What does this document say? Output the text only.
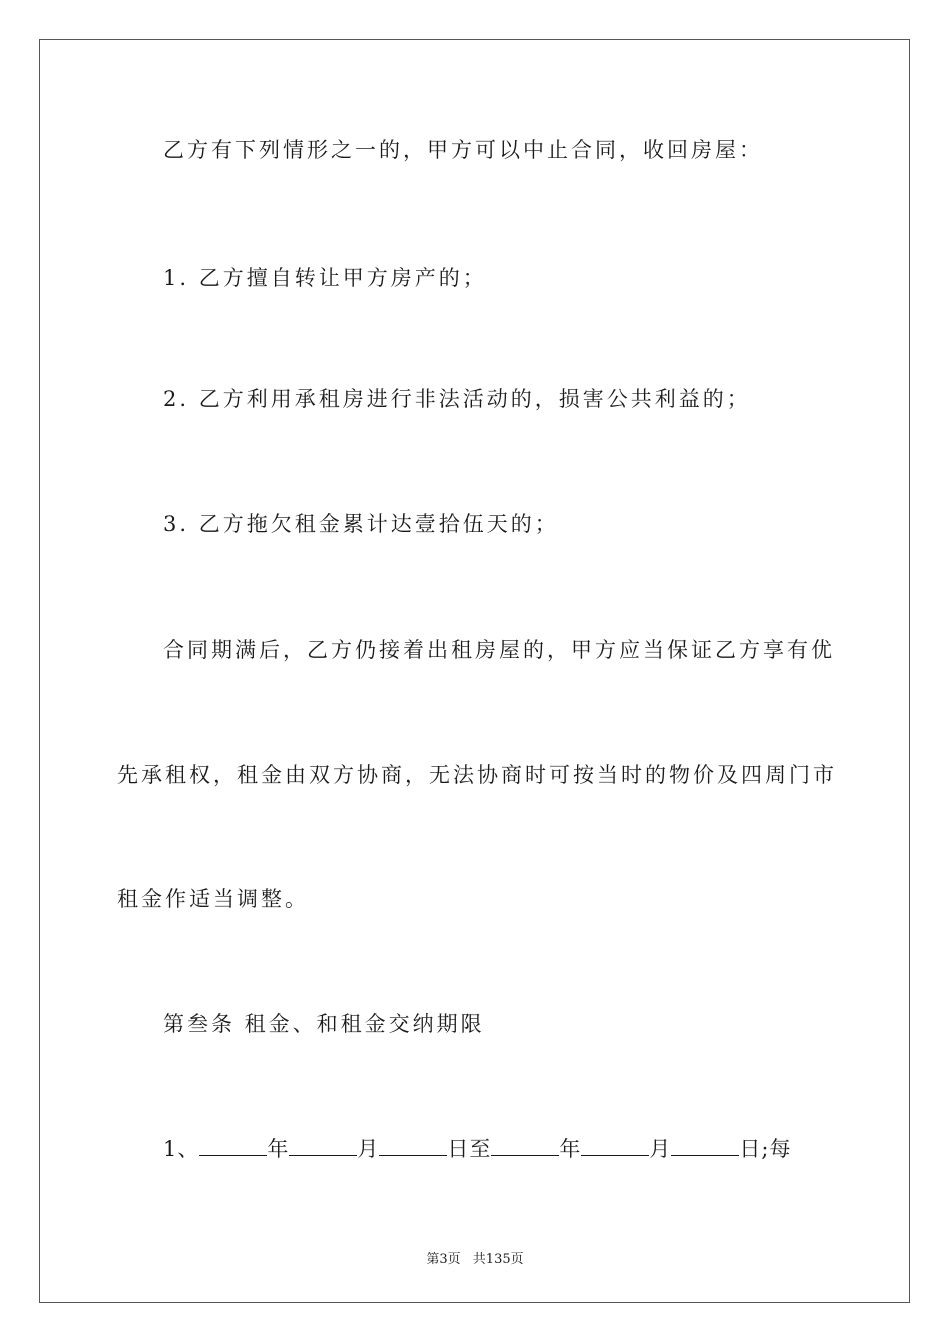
乙方有下列情形之一的，甲方可以中止合同，收回房屋：
1. 乙方擅自转让甲方房产的；
2. 乙方利用承租房进行非法活动的，损害公共利益的；
3. 乙方拖欠租金累计达壹拾伍天的；
合同期满后，乙方仍接着出租房屋的，甲方应当保证乙方享有优
先承租权，租金由双方协商，无法协商时可按当时的物价及四周门市
租金作适当调整。
第叁条 租金、和租金交纳期限
1、	年	月	日至	年	月	日;每
第3页 共135页
